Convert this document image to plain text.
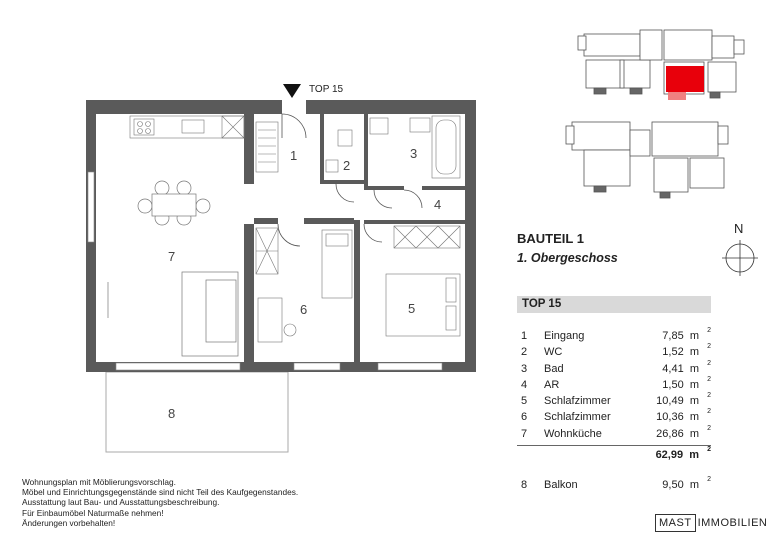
TOP 15
1
2
3
4
5
6
7
8
N
BAUTEIL 1
1. Obergeschoss
TOP 15
1 Eingang	7,85 m 2
2 WC	1,52 m 2
3 Bad	4,41 m 2
4 AR	1,50 m 2
5 Schlafzimmer	10,49 m 2
6 Schlafzimmer	10,36 m 2
7 Wohnküche	26,86 m 2
62,99 m 2
8 Balkon	9,50 m 2
Wohnungsplan mit Möblierungsvorschlag.
Möbel und Einrichtungsgegenstände sind nicht Teil des Kaufgegenstandes.
Ausstattung laut Bau- und Ausstattungsbeschreibung.
Für Einbaumöbel Naturmaße nehmen!
Änderungen vorbehalten!	MAST IMMOBILIEN
